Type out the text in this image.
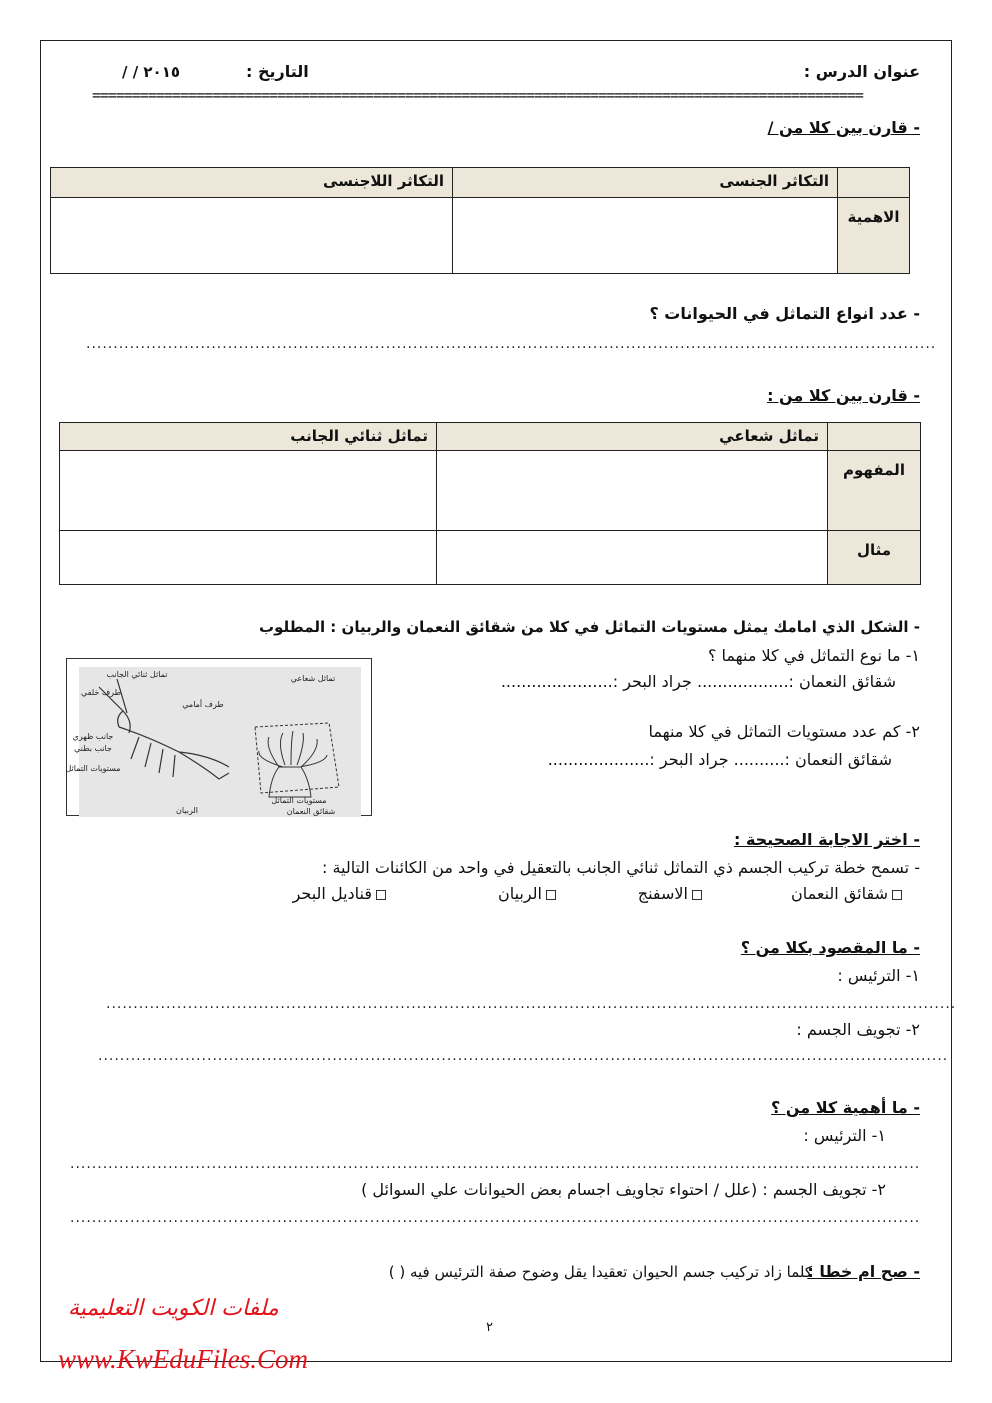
عنوان الدرس :
التاريخ :
/ / ٢٠١٥
================================================================================================
- قارن بين كلا من /
	التكاثر الجنسى	التكاثر اللاجنسى
الاهمية		
- عدد انواع التماثل في الحيوانات ؟
............................................................................................................................................................
- قارن بين كلا من :
	تماثل شعاعي	تماثل ثنائي الجانب
المفهوم		
مثال		
- الشكل الذي امامك يمثل مستويات التماثل في كلا من شقائق النعمان والربيان : المطلوب
١- ما نوع التماثل في كلا منهما ؟
شقائق النعمان :.................. جراد البحر :......................
٢- كم عدد مستويات التماثل في كلا منهما
شقائق النعمان :.......... جراد البحر :....................
تماثل ثنائي الجانب	تماثل شعاعي
طرف خلفي
طرف أمامي
جانب ظهري
جانب بطني
مستويات التماثل
مستويات التماثل
الربيان	شقائق النعمان
- اختر الاجابة الصحيحة :
- تسمح خطة تركيب الجسم ذي التماثل ثنائي الجانب بالتعقيل في واحد من الكائنات التالية :
شقائق النعمان
الاسفنج
الربيان
قناديل البحر
- ما المقصود بكلا من ؟
١- الترئيس :
............................................................................................................................................................
٢- تجويف الجسم :
............................................................................................................................................................
- ما أهمية كلا من ؟
١- الترئيس :
............................................................................................................................................................
٢- تجويف الجسم : (علل / احتواء تجاويف اجسام بعض الحيوانات علي السوائل )
............................................................................................................................................................
- صح ام خطا :
كلما زاد تركيب جسم الحيوان تعقيدا يقل وضوح صفة الترئيس فيه ( )
ملفات الكويت التعليمية
٢
www.KwEduFiles.Com
